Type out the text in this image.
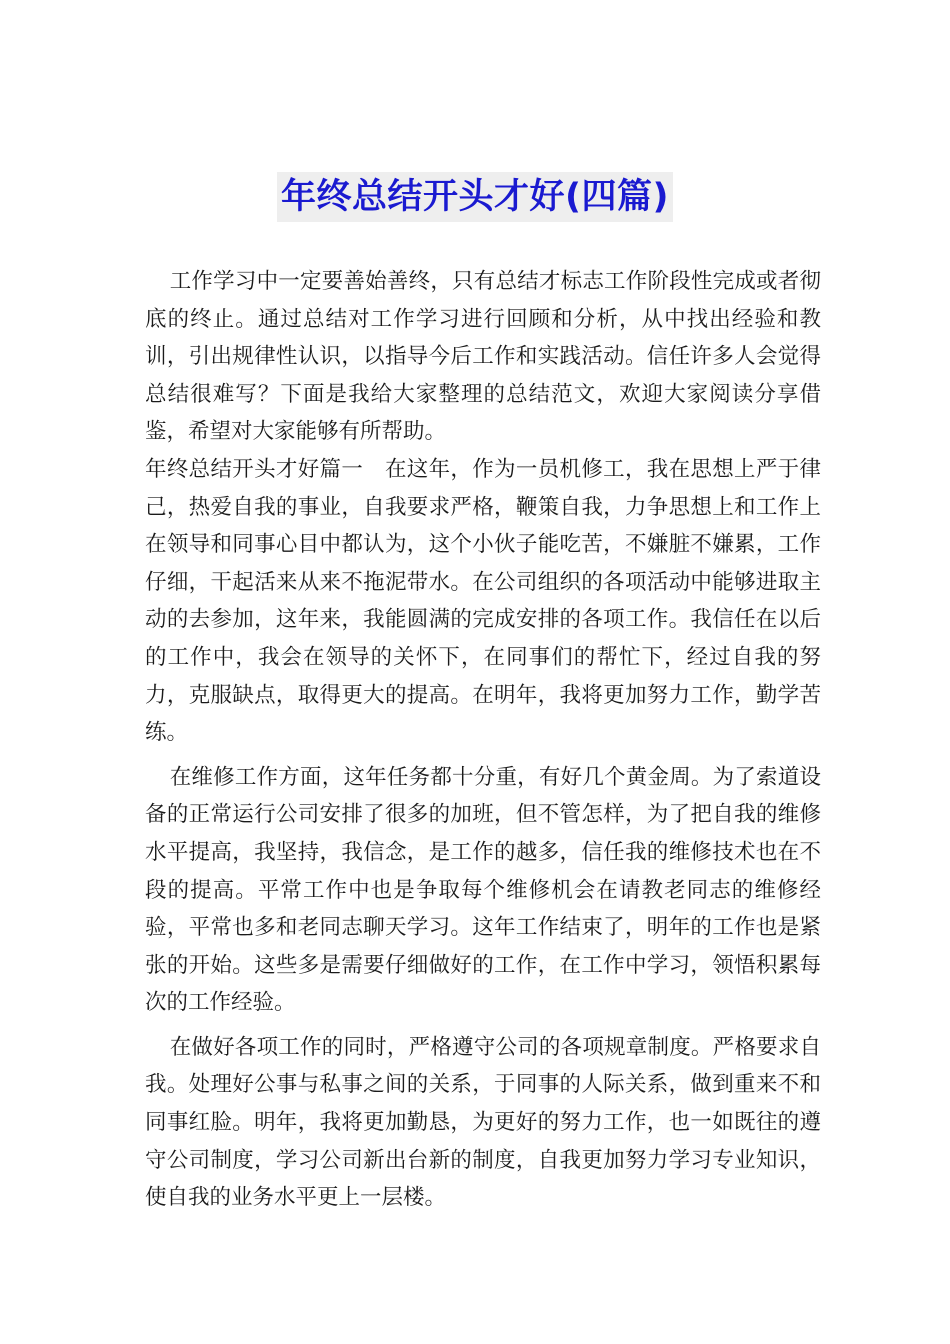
年终总结开头才好(四篇)

工作学习中一定要善始善终，只有总结才标志工作阶段性完成或者彻底的终止。通过总结对工作学习进行回顾和分析，从中找出经验和教训，引出规律性认识，以指导今后工作和实践活动。信任许多人会觉得总结很难写？下面是我给大家整理的总结范文，欢迎大家阅读分享借鉴，希望对大家能够有所帮助。

年终总结开头才好篇一　在这年，作为一员机修工，我在思想上严于律己，热爱自我的事业，自我要求严格，鞭策自我，力争思想上和工作上在领导和同事心目中都认为，这个小伙子能吃苦，不嫌脏不嫌累，工作仔细，干起活来从来不拖泥带水。在公司组织的各项活动中能够进取主动的去参加，这年来，我能圆满的完成安排的各项工作。我信任在以后的工作中，我会在领导的关怀下，在同事们的帮忙下，经过自我的努力，克服缺点，取得更大的提高。在明年，我将更加努力工作，勤学苦练。

在维修工作方面，这年任务都十分重，有好几个黄金周。为了索道设备的正常运行公司安排了很多的加班，但不管怎样，为了把自我的维修水平提高，我坚持，我信念，是工作的越多，信任我的维修技术也在不段的提高。平常工作中也是争取每个维修机会在请教老同志的维修经验，平常也多和老同志聊天学习。这年工作结束了，明年的工作也是紧张的开始。这些多是需要仔细做好的工作，在工作中学习，领悟积累每次的工作经验。

在做好各项工作的同时，严格遵守公司的各项规章制度。严格要求自我。处理好公事与私事之间的关系，于同事的人际关系，做到重来不和同事红脸。明年，我将更加勤恳，为更好的努力工作，也一如既往的遵守公司制度，学习公司新出台新的制度，自我更加努力学习专业知识，使自我的业务水平更上一层楼。
